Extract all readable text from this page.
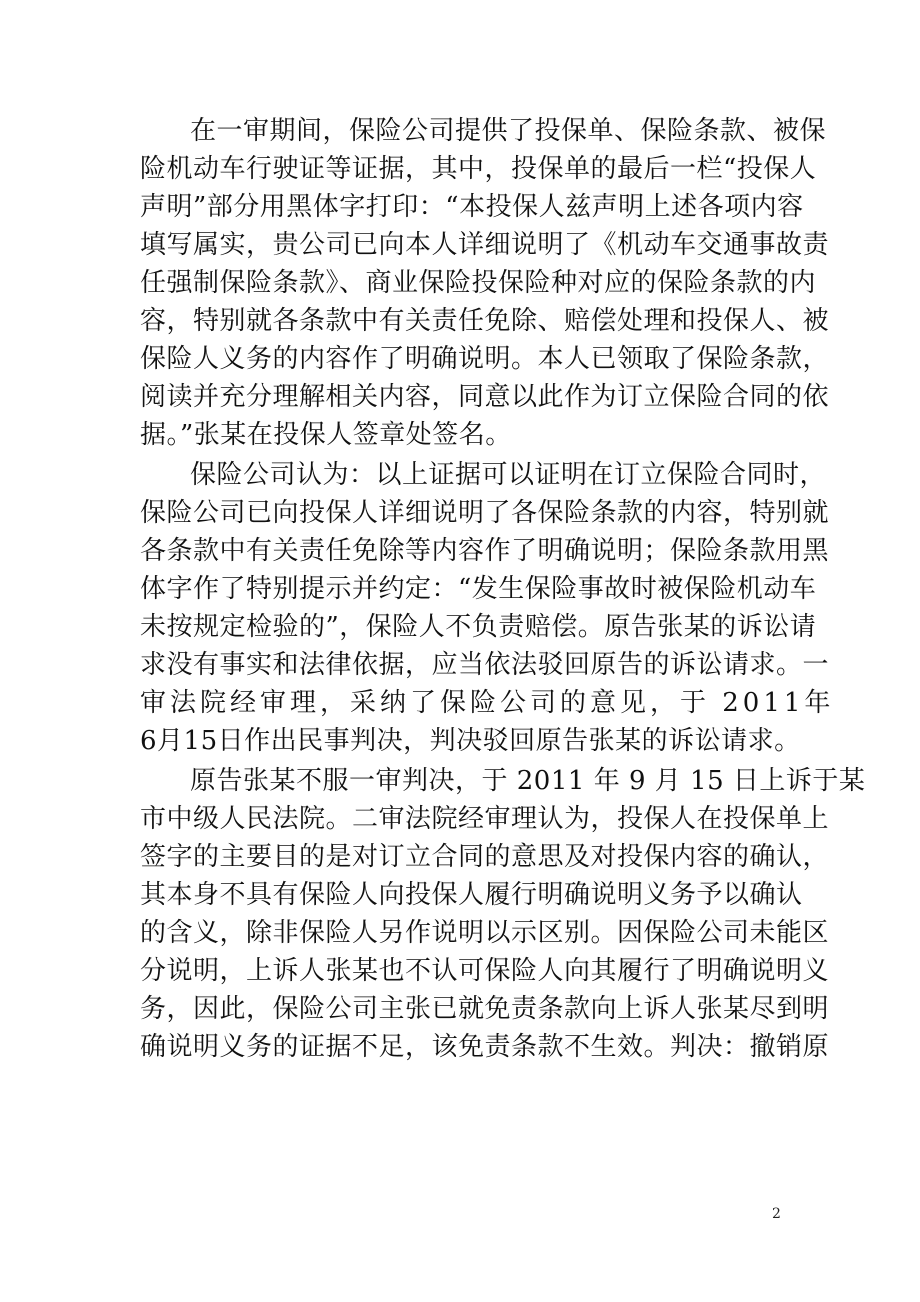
在一审期间，保险公司提供了投保单、保险条款、被保
险机动车行驶证等证据，其中，投保单的最后一栏“投保人
声明”部分用黑体字打印：“本投保人兹声明上述各项内容
填写属实，贵公司已向本人详细说明了《机动车交通事故责
任强制保险条款》、商业保险投保险种对应的保险条款的内
容，特别就各条款中有关责任免除、赔偿处理和投保人、被
保险人义务的内容作了明确说明。本人已领取了保险条款，
阅读并充分理解相关内容，同意以此作为订立保险合同的依
据。”张某在投保人签章处签名。
保险公司认为：以上证据可以证明在订立保险合同时，
保险公司已向投保人详细说明了各保险条款的内容，特别就
各条款中有关责任免除等内容作了明确说明；保险条款用黑
体字作了特别提示并约定：“发生保险事故时被保险机动车
未按规定检验的”，保险人不负责赔偿。原告张某的诉讼请
求没有事实和法律依据，应当依法驳回原告的诉讼请求。一
审法院经审理，采纳了保险公司的意见，于 2011年
6月15日作出民事判决，判决驳回原告张某的诉讼请求。
原告张某不服一审判决，于 2011 年 9 月 15 日上诉于某
市中级人民法院。二审法院经审理认为，投保人在投保单上
签字的主要目的是对订立合同的意思及对投保内容的确认，
其本身不具有保险人向投保人履行明确说明义务予以确认
的含义，除非保险人另作说明以示区别。因保险公司未能区
分说明，上诉人张某也不认可保险人向其履行了明确说明义
务，因此，保险公司主张已就免责条款向上诉人张某尽到明
确说明义务的证据不足，该免责条款不生效。判决：撤销原
2
